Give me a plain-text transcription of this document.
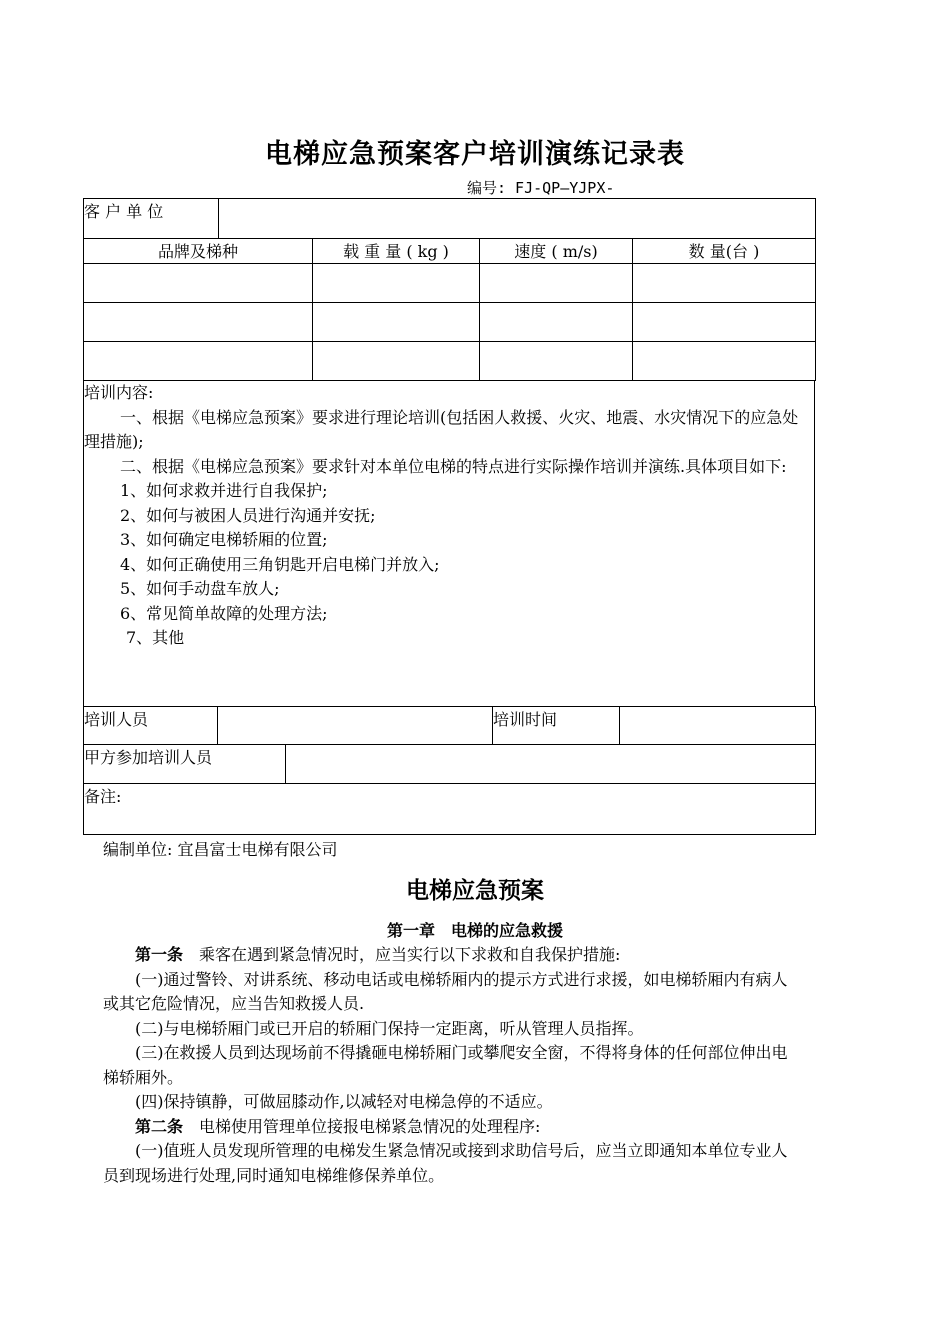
电梯应急预案客户培训演练记录表
编号: FJ-QP—YJPX-
客 户 单 位	
品牌及梯种	载 重 量 ( kg )	速度 ( m/s)	数 量(台 )

培训内容:
一、根据《电梯应急预案》要求进行理论培训(包括困人救援、火灾、地震、水灾情况下的应急处理措施);
二、根据《电梯应急预案》要求针对本单位电梯的特点进行实际操作培训并演练.具体项目如下:
1、如何求救并进行自我保护;
2、如何与被困人员进行沟通并安抚;
3、如何确定电梯轿厢的位置;
4、如何正确使用三角钥匙开启电梯门并放入;
5、如何手动盘车放人;
6、常见简单故障的处理方法;
7、其他
培训人员		培训时间	
甲方参加培训人员	
备注:
编制单位: 宜昌富士电梯有限公司
电梯应急预案
第一章　电梯的应急救援
第一条　乘客在遇到紧急情况时，应当实行以下求救和自我保护措施:
(一)通过警铃、对讲系统、移动电话或电梯轿厢内的提示方式进行求援，如电梯轿厢内有病人或其它危险情况，应当告知救援人员.
(二)与电梯轿厢门或已开启的轿厢门保持一定距离，听从管理人员指挥。
(三)在救援人员到达现场前不得撬砸电梯轿厢门或攀爬安全窗，不得将身体的任何部位伸出电梯轿厢外。
(四)保持镇静，可做屈膝动作,以减轻对电梯急停的不适应。
第二条　电梯使用管理单位接报电梯紧急情况的处理程序:
(一)值班人员发现所管理的电梯发生紧急情况或接到求助信号后，应当立即通知本单位专业人员到现场进行处理,同时通知电梯维修保养单位。
